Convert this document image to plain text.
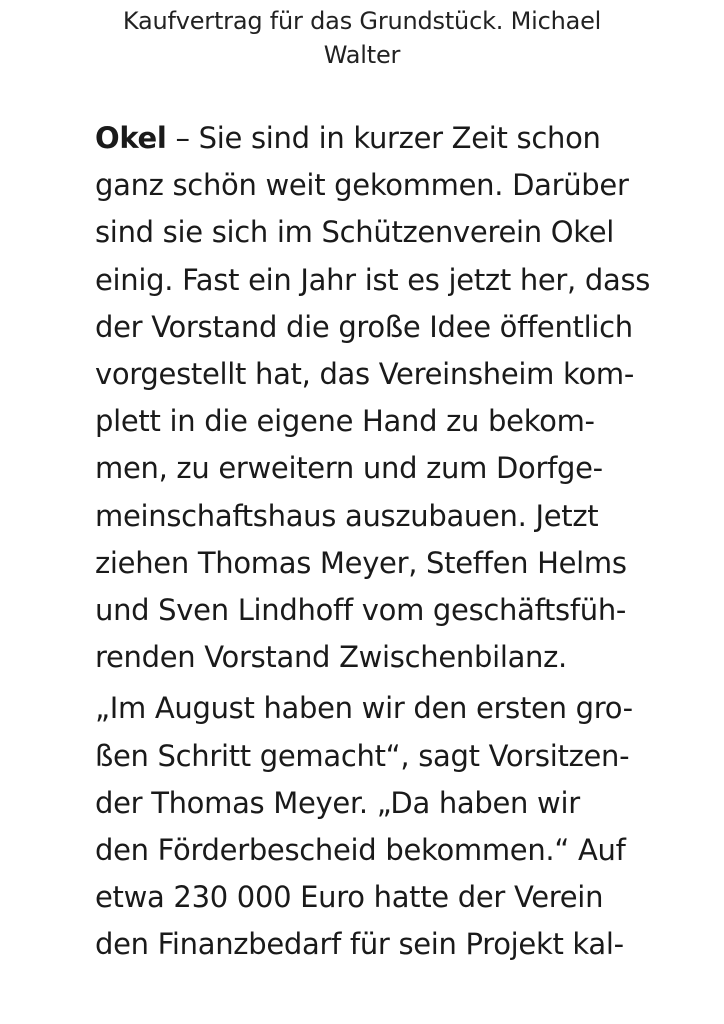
Kaufvertrag für das Grundstück. Michael
Walter

Okel – Sie sind in kurzer Zeit schon
ganz schön weit gekommen. Darüber
sind sie sich im Schützenverein Okel
einig. Fast ein Jahr ist es jetzt her, dass
der Vorstand die große Idee öffentlich
vorgestellt hat, das Vereinsheim kom-
plett in die eigene Hand zu bekom-
men, zu erweitern und zum Dorfge-
meinschaftshaus auszubauen. Jetzt
ziehen Thomas Meyer, Steffen Helms
und Sven Lindhoff vom geschäftsfüh-
renden Vorstand Zwischenbilanz.

„Im August haben wir den ersten gro-
ßen Schritt gemacht“, sagt Vorsitzen-
der Thomas Meyer. „Da haben wir
den Förderbescheid bekommen.“ Auf
etwa 230 000 Euro hatte der Verein
den Finanzbedarf für sein Projekt kal-
